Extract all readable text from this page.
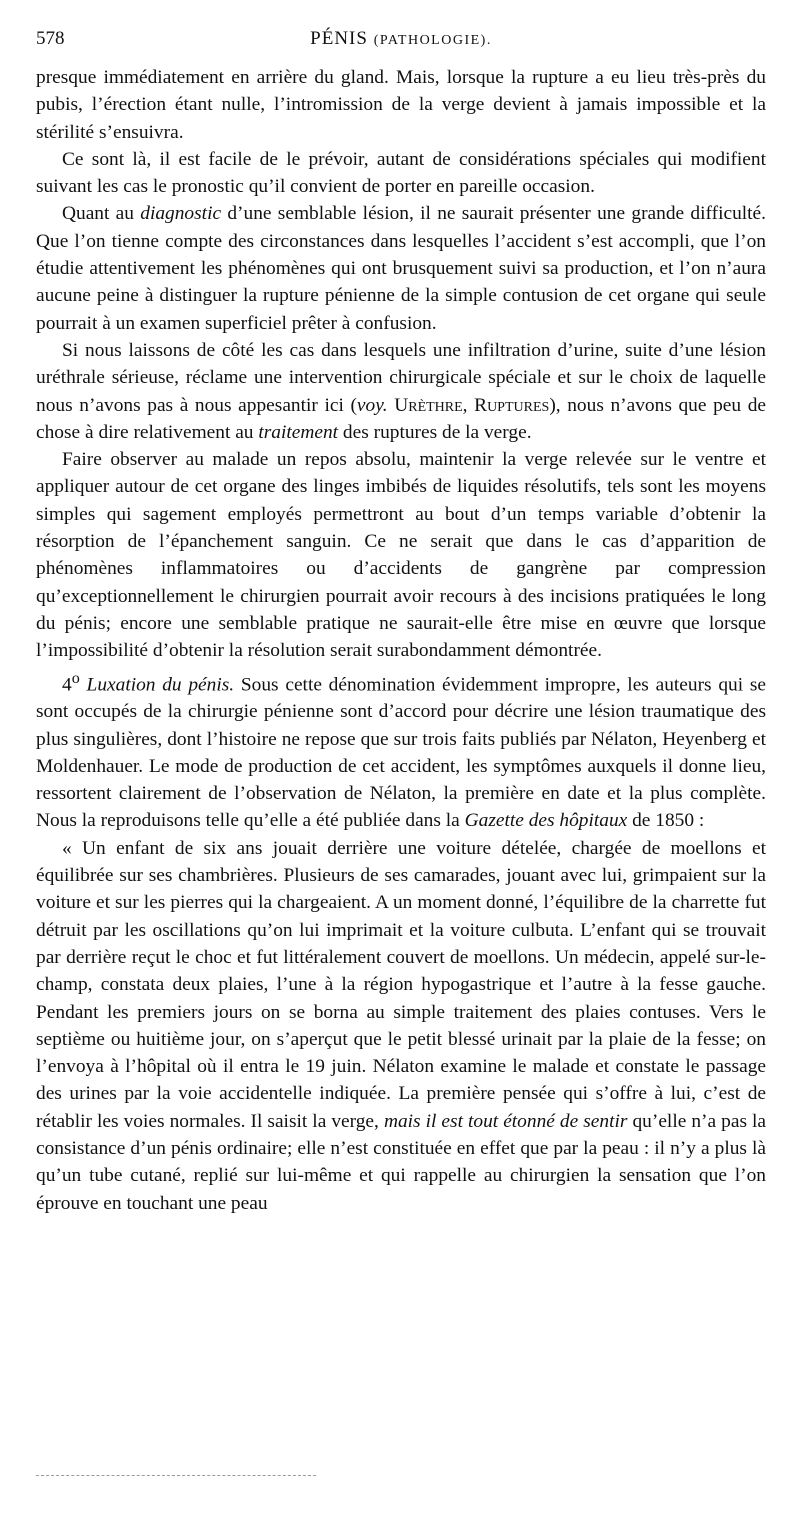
578	PÉNIS (PATHOLOGIE).

presque immédiatement en arrière du gland. Mais, lorsque la rupture a eu lieu très-près du pubis, l’érection étant nulle, l’intromission de la verge devient à jamais impossible et la stérilité s’ensuivra.

Ce sont là, il est facile de le prévoir, autant de considérations spéciales qui modifient suivant les cas le pronostic qu’il convient de porter en pareille occasion.

Quant au diagnostic d’une semblable lésion, il ne saurait présenter une grande difficulté. Que l’on tienne compte des circonstances dans lesquelles l’accident s’est accompli, que l’on étudie attentivement les phénomènes qui ont brusquement suivi sa production, et l’on n’aura aucune peine à distinguer la rupture pénienne de la simple contusion de cet organe qui seule pourrait à un examen superficiel prêter à confusion.

Si nous laissons de côté les cas dans lesquels une infiltration d’urine, suite d’une lésion uréthrale sérieuse, réclame une intervention chirurgicale spéciale et sur le choix de laquelle nous n’avons pas à nous appesantir ici (voy. Urèthre, Ruptures), nous n’avons que peu de chose à dire relativement au traitement des ruptures de la verge.

Faire observer au malade un repos absolu, maintenir la verge relevée sur le ventre et appliquer autour de cet organe des linges imbibés de liquides résolutifs, tels sont les moyens simples qui sagement employés permettront au bout d’un temps variable d’obtenir la résorption de l’épanchement sanguin. Ce ne serait que dans le cas d’apparition de phénomènes inflammatoires ou d’accidents de gangrène par compression qu’exceptionnellement le chirurgien pourrait avoir recours à des incisions pratiquées le long du pénis; encore une semblable pratique ne saurait-elle être mise en œuvre que lorsque l’impossibilité d’obtenir la résolution serait surabondamment démontrée.

4$^o$ Luxation du pénis. Sous cette dénomination évidemment impropre, les auteurs qui se sont occupés de la chirurgie pénienne sont d’accord pour décrire une lésion traumatique des plus singulières, dont l’histoire ne repose que sur trois faits publiés par Nélaton, Heyenberg et Moldenhauer. Le mode de production de cet accident, les symptômes auxquels il donne lieu, ressortent clairement de l’observation de Nélaton, la première en date et la plus complète. Nous la reproduisons telle qu’elle a été publiée dans la Gazette des hôpitaux de 1850 :

« Un enfant de six ans jouait derrière une voiture dételée, chargée de moellons et équilibrée sur ses chambrières. Plusieurs de ses camarades, jouant avec lui, grimpaient sur la voiture et sur les pierres qui la chargeaient. A un moment donné, l’équilibre de la charrette fut détruit par les oscillations qu’on lui imprimait et la voiture culbuta. L’enfant qui se trouvait par derrière reçut le choc et fut littéralement couvert de moellons. Un médecin, appelé sur-le-champ, constata deux plaies, l’une à la région hypogastrique et l’autre à la fesse gauche. Pendant les premiers jours on se borna au simple traitement des plaies contuses. Vers le septième ou huitième jour, on s’aperçut que le petit blessé urinait par la plaie de la fesse; on l’envoya à l’hôpital où il entra le 19 juin. Nélaton examine le malade et constate le passage des urines par la voie accidentelle indiquée. La première pensée qui s’offre à lui, c’est de rétablir les voies normales. Il saisit la verge, mais il est tout étonné de sentir qu’elle n’a pas la consistance d’un pénis ordinaire; elle n’est constituée en effet que par la peau : il n’y a plus là qu’un tube cutané, replié sur lui-même et qui rappelle au chirurgien la sensation que l’on éprouve en touchant une peau
